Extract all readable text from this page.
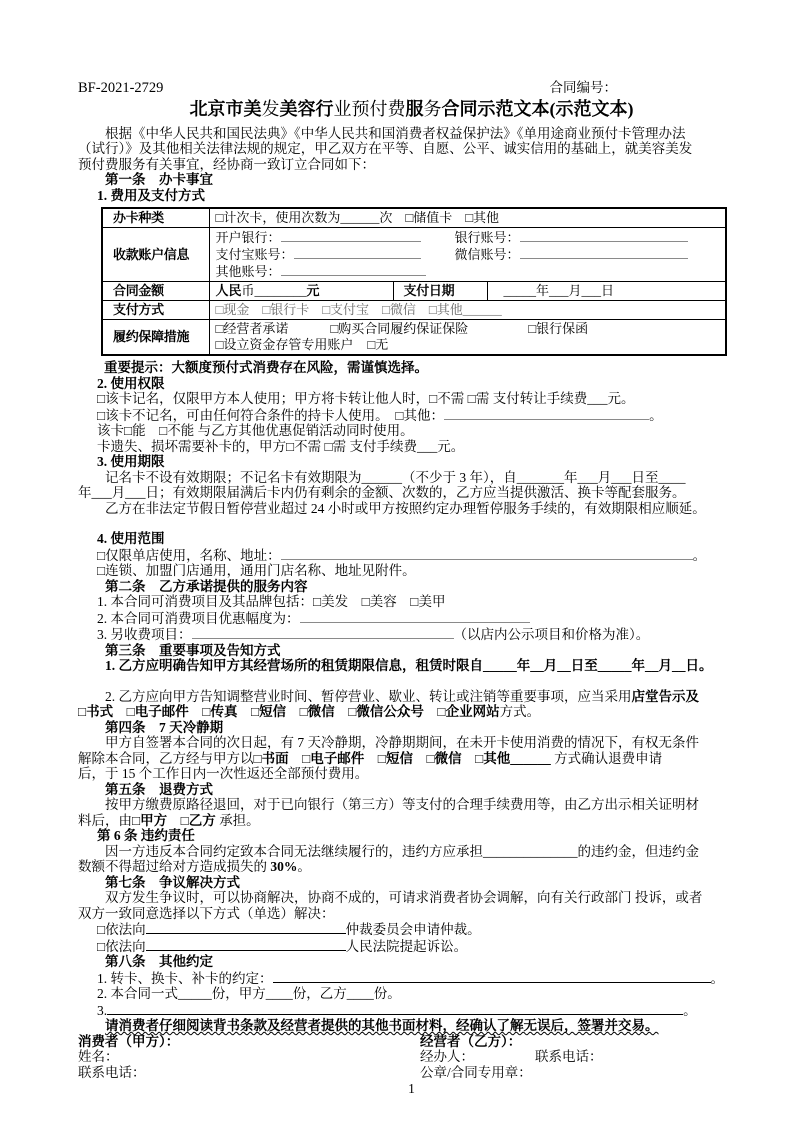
BF-2021-2729	合同编号：
北京市美发美容行业预付费服务合同示范文本(示范文本)

根据《中华人民共和国民法典》《中华人民共和国消费者权益保护法》《单用途商业预付卡管理办法

（试行）》及其他相关法律法规的规定，甲乙双方在平等、自愿、公平、诚实信用的基础上，就美容美发

预付费服务有关事宜，经协商一致订立合同如下：

第一条　办卡事宜

1. 费用及支付方式

办卡种类	□计次卡，使用次数为______次　□储值卡　□其他		
收款账户信息	开户银行： 银行账号：
支付宝账号： 微信账号：
其他账号：		

合同金额	人民币________元	支付日期	_____年___月___日
支付方式	□现金　□银行卡　□支付宝　□微信　□其他______		
履约保障措施	□经营者承诺 □购买合同履约保证保险 □银行保函
□设立资金存管专用账户 □无		

重要提示：大额度预付式消费存在风险，需谨慎选择。

2. 使用权限

□该卡记名，仅限甲方本人使用；甲方将卡转让他人时，□不需 □需 支付转让手续费___元。

□该卡不记名，可由任何符合条件的持卡人使用。　□其他：	。

该卡□能　□不能 与乙方其他优惠促销活动同时使用。

卡遗失、损坏需要补卡的，甲方□不需 □需 支付手续费___元。

3. 使用期限

记名卡不设有效期限；不记名卡有效期限为______（不少于 3 年），自_______年___月___日至____

年___月___日；有效期限届满后卡内仍有剩余的金额、次数的，乙方应当提供激活、换卡等配套服务。

乙方在非法定节假日暂停营业超过 24 小时或甲方按照约定办理暂停服务手续的，有效期限相应顺延。

4. 使用范围

□仅限单店使用，名称、地址：	。

□连锁、加盟门店通用，通用门店名称、地址见附件。

第二条　乙方承诺提供的服务内容

1. 本合同可消费项目及其品牌包括：□美发　□美容　□美甲

2. 本合同可消费项目优惠幅度为：

3. 另收费项目：	（以店内公示项目和价格为准）。

第三条　重要事项及告知方式

1. 乙方应明确告知甲方其经营场所的租赁期限信息，租赁时限自_____年__月__日至_____年__月__日。

2. 乙方应向甲方告知调整营业时间、暂停营业、歇业、转让或注销等重要事项，应当采用店堂告示及

□书式　□电子邮件　□传真　□短信　□微信　□微信公众号　□企业网站方式。

第四条　7 天冷静期

甲方自签署本合同的次日起，有 7 天冷静期，冷静期期间，在未开卡使用消费的情况下，有权无条件

解除本合同，乙方经与甲方以□书面　□电子邮件　□短信　□微信　□其他______ 方式确认退费申请

后，于 15 个工作日内一次性返还全部预付费用。

第五条　退费方式

按甲方缴费原路径退回，对于已向银行（第三方）等支付的合理手续费用等，由乙方出示相关证明材

料后，由□甲方　□乙方 承担。

第 6 条 违约责任

因一方违反本合同约定致本合同无法继续履行的，违约方应承担______________的违约金，但违约金

数额不得超过给对方造成损失的 30%。

第七条　争议解决方式

双方发生争议时，可以协商解决，协商不成的，可请求消费者协会调解，向有关行政部门 投诉，或者

双方一致同意选择以下方式（单选）解决：

□依法向	仲裁委员会申请仲裁。

□依法向	人民法院提起诉讼。

第八条　其他约定

1. 转卡、换卡、补卡的约定：	。

2. 本合同一式_____份，甲方____份，乙方____份。

3.	。

请消费者仔细阅读背书条款及经营者提供的其他书面材料，经确认了解无误后，签署并交易。

消费者（甲方）：	经营者（乙方）：
姓名：	经办人：	联系电话：
联系电话：	公章/合同专用章：

1
